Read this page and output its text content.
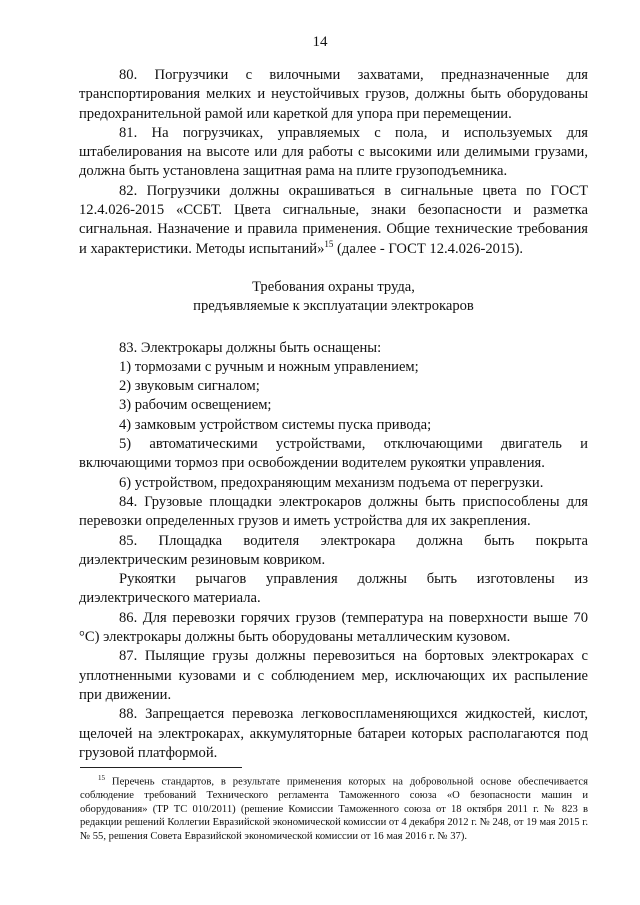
14

80. Погрузчики с вилочными захватами, предназначенные для транспортирования мелких и неустойчивых грузов, должны быть оборудованы предохранительной рамой или кареткой для упора при перемещении.

81. На погрузчиках, управляемых с пола, и используемых для штабелирования на высоте или для работы с высокими или делимыми грузами, должна быть установлена защитная рама на плите грузоподъемника.

82. Погрузчики должны окрашиваться в сигнальные цвета по ГОСТ 12.4.026-2015 «ССБТ. Цвета сигнальные, знаки безопасности и разметка сигнальная. Назначение и правила применения. Общие технические требования и характеристики. Методы испытаний»$^{15}$ (далее - ГОСТ 12.4.026-2015).

Требования охраны труда,
предъявляемые к эксплуатации электрокаров

83. Электрокары должны быть оснащены:

1) тормозами с ручным и ножным управлением;

2) звуковым сигналом;

3) рабочим освещением;

4) замковым устройством системы пуска привода;

5) автоматическими устройствами, отключающими двигатель и включающими тормоз при освобождении водителем рукоятки управления.

6) устройством, предохраняющим механизм подъема от перегрузки.

84. Грузовые площадки электрокаров должны быть приспособлены для перевозки определенных грузов и иметь устройства для их закрепления.

85. Площадка водителя электрокара должна быть покрыта диэлектрическим резиновым ковриком.

Рукоятки рычагов управления должны быть изготовлены из диэлектрического материала.

86. Для перевозки горячих грузов (температура на поверхности выше 70 °С) электрокары должны быть оборудованы металлическим кузовом.

87. Пылящие грузы должны перевозиться на бортовых электрокарах с уплотненными кузовами и с соблюдением мер, исключающих их распыление при движении.

88. Запрещается перевозка легковоспламеняющихся жидкостей, кислот, щелочей на электрокарах, аккумуляторные батареи которых располагаются под грузовой платформой.

$^{15}$ Перечень стандартов, в результате применения которых на добровольной основе обеспечивается соблюдение требований Технического регламента Таможенного союза «О безопасности машин и оборудования» (ТР ТС 010/2011) (решение Комиссии Таможенного союза от 18 октября 2011 г. № 823 в редакции решений Коллегии Евразийской экономической комиссии от 4 декабря 2012 г. № 248, от 19 мая 2015 г. № 55, решения Совета Евразийской экономической комиссии от 16 мая 2016 г. № 37).
